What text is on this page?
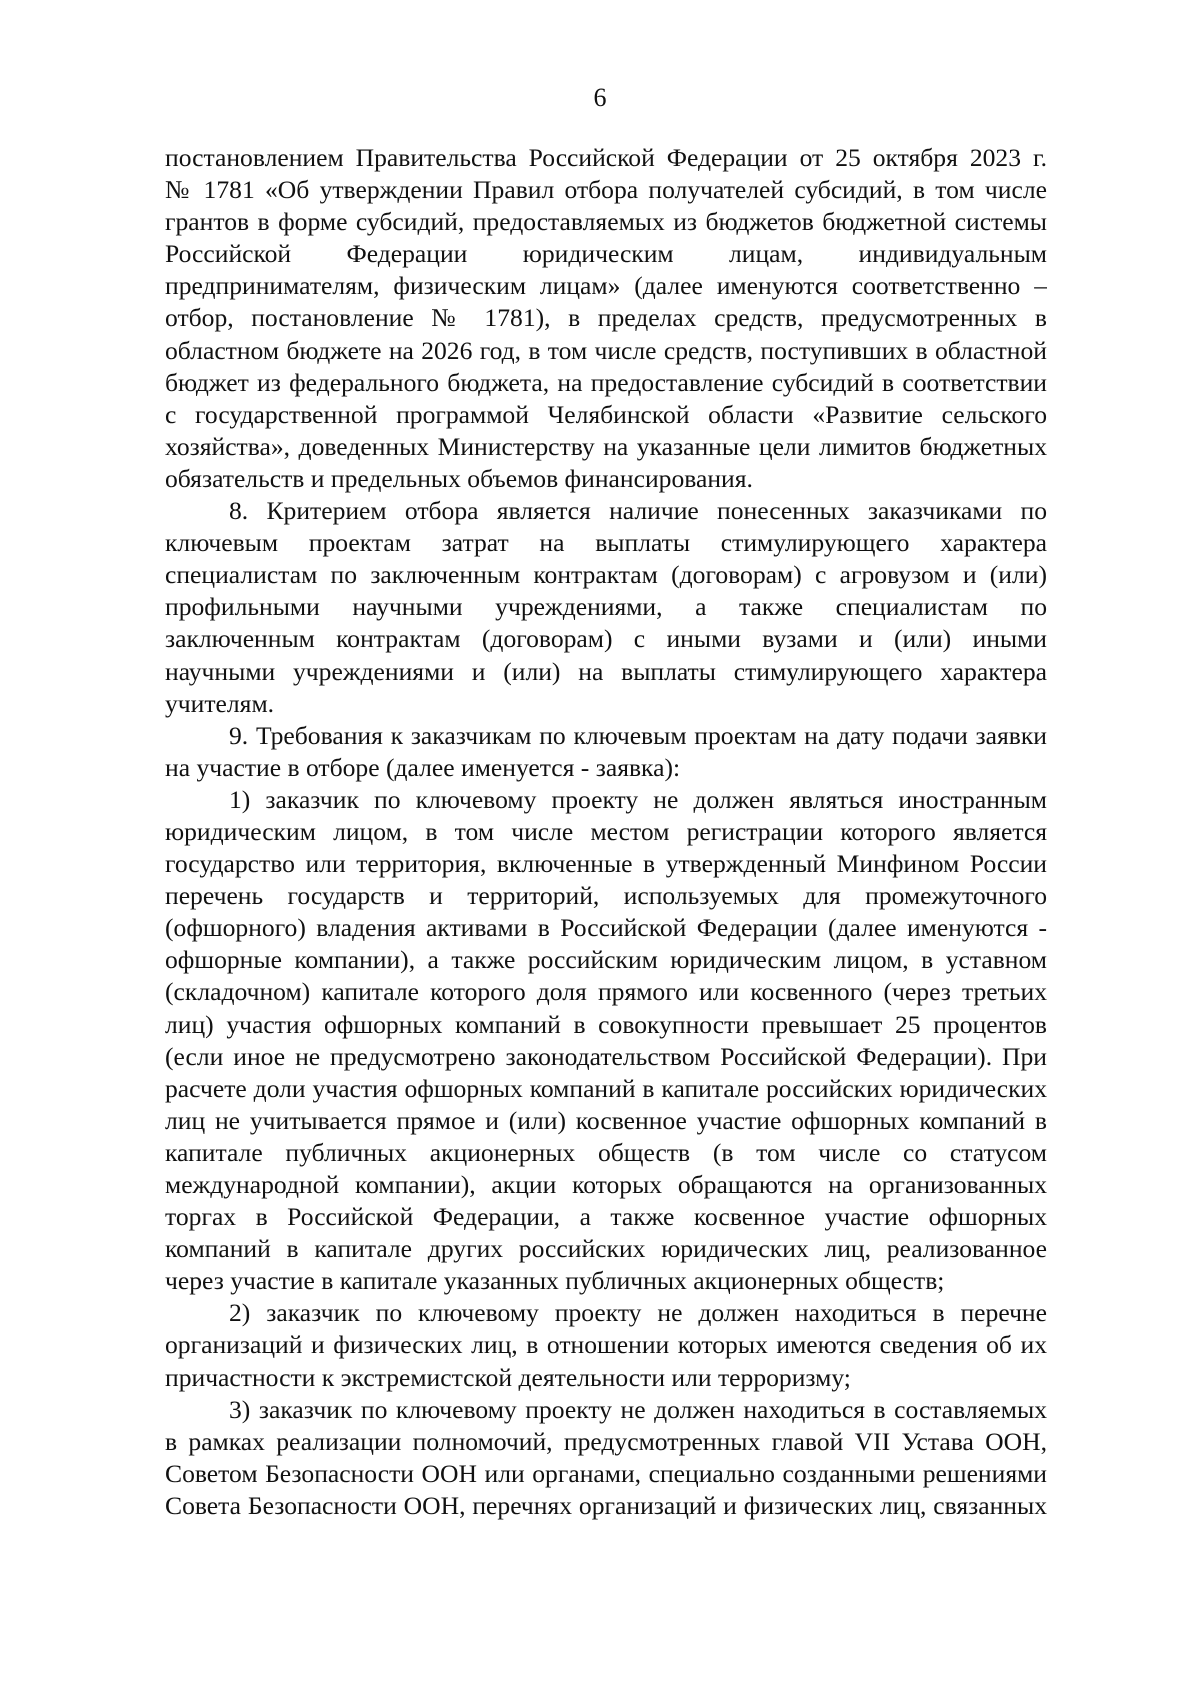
6
постановлением Правительства Российской Федерации от 25 октября 2023 г.
№ 1781 «Об утверждении Правил отбора получателей субсидий, в том числе
грантов в форме субсидий, предоставляемых из бюджетов бюджетной системы
Российской Федерации юридическим лицам, индивидуальным
предпринимателям, физическим лицам» (далее именуются соответственно –
отбор, постановление № 1781), в пределах средств, предусмотренных в
областном бюджете на 2026 год, в том числе средств, поступивших в областной
бюджет из федерального бюджета, на предоставление субсидий в соответствии
с государственной программой Челябинской области «Развитие сельского
хозяйства», доведенных Министерству на указанные цели лимитов бюджетных
обязательств и предельных объемов финансирования.
8. Критерием отбора является наличие понесенных заказчиками по
ключевым проектам затрат на выплаты стимулирующего характера
специалистам по заключенным контрактам (договорам) с агровузом и (или)
профильными научными учреждениями, а также специалистам по
заключенным контрактам (договорам) с иными вузами и (или) иными
научными учреждениями и (или) на выплаты стимулирующего характера
учителям.
9. Требования к заказчикам по ключевым проектам на дату подачи заявки
на участие в отборе (далее именуется - заявка):
1) заказчик по ключевому проекту не должен являться иностранным
юридическим лицом, в том числе местом регистрации которого является
государство или территория, включенные в утвержденный Минфином России
перечень государств и территорий, используемых для промежуточного
(офшорного) владения активами в Российской Федерации (далее именуются -
офшорные компании), а также российским юридическим лицом, в уставном
(складочном) капитале которого доля прямого или косвенного (через третьих
лиц) участия офшорных компаний в совокупности превышает 25 процентов
(если иное не предусмотрено законодательством Российской Федерации). При
расчете доли участия офшорных компаний в капитале российских юридических
лиц не учитывается прямое и (или) косвенное участие офшорных компаний в
капитале публичных акционерных обществ (в том числе со статусом
международной компании), акции которых обращаются на организованных
торгах в Российской Федерации, а также косвенное участие офшорных
компаний в капитале других российских юридических лиц, реализованное
через участие в капитале указанных публичных акционерных обществ;
2) заказчик по ключевому проекту не должен находиться в перечне
организаций и физических лиц, в отношении которых имеются сведения об их
причастности к экстремистской деятельности или терроризму;
3) заказчик по ключевому проекту не должен находиться в составляемых
в рамках реализации полномочий, предусмотренных главой VII Устава ООН,
Советом Безопасности ООН или органами, специально созданными решениями
Совета Безопасности ООН, перечнях организаций и физических лиц, связанных
